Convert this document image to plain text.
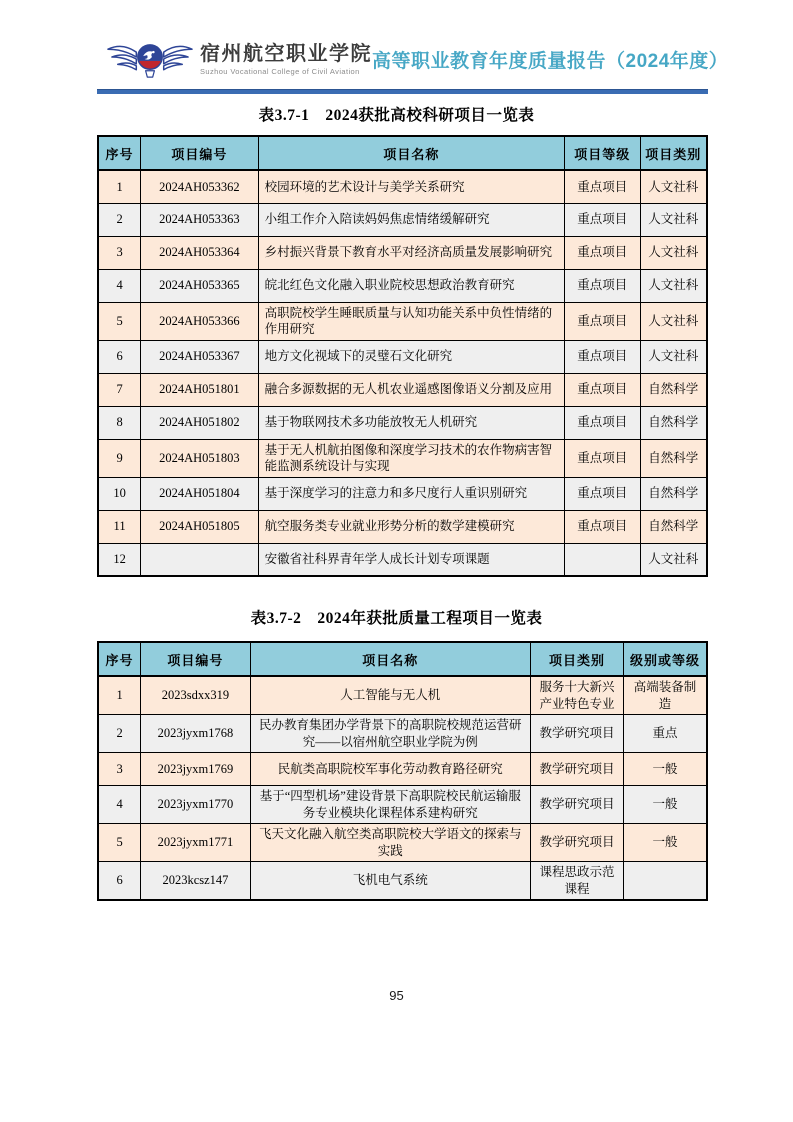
宿州航空职业学院
Suzhou Vocational College of Civil Aviation 高等职业教育年度质量报告（2024年度）
表3.7-1　2024获批高校科研项目一览表
序号	项目编号	项目名称	项目等级	项目类别
1	2024AH053362	校园环境的艺术设计与美学关系研究	重点项目	人文社科
2	2024AH053363	小组工作介入陪读妈妈焦虑情绪缓解研究	重点项目	人文社科
3	2024AH053364	乡村振兴背景下教育水平对经济高质量发展影响研究	重点项目	人文社科
4	2024AH053365	皖北红色文化融入职业院校思想政治教育研究	重点项目	人文社科
5	2024AH053366	高职院校学生睡眠质量与认知功能关系中负性情绪的作用研究	重点项目	人文社科
6	2024AH053367	地方文化视域下的灵璧石文化研究	重点项目	人文社科
7	2024AH051801	融合多源数据的无人机农业遥感图像语义分割及应用	重点项目	自然科学
8	2024AH051802	基于物联网技术多功能放牧无人机研究	重点项目	自然科学
9	2024AH051803	基于无人机航拍图像和深度学习技术的农作物病害智能监测系统设计与实现	重点项目	自然科学
10	2024AH051804	基于深度学习的注意力和多尺度行人重识别研究	重点项目	自然科学
11	2024AH051805	航空服务类专业就业形势分析的数学建模研究	重点项目	自然科学
12		安徽省社科界青年学人成长计划专项课题		人文社科
表3.7-2　2024年获批质量工程项目一览表
序号	项目编号	项目名称	项目类别	级别或等级
1	2023sdxx319	人工智能与无人机	服务十大新兴产业特色专业	高端装备制造
2	2023jyxm1768	民办教育集团办学背景下的高职院校规范运营研究——以宿州航空职业学院为例	教学研究项目	重点
3	2023jyxm1769	民航类高职院校军事化劳动教育路径研究	教学研究项目	一般
4	2023jyxm1770	基于“四型机场”建设背景下高职院校民航运输服务专业模块化课程体系建构研究	教学研究项目	一般
5	2023jyxm1771	飞天文化融入航空类高职院校大学语文的探索与实践	教学研究项目	一般
6	2023kcsz147	飞机电气系统	课程思政示范课程	
95
